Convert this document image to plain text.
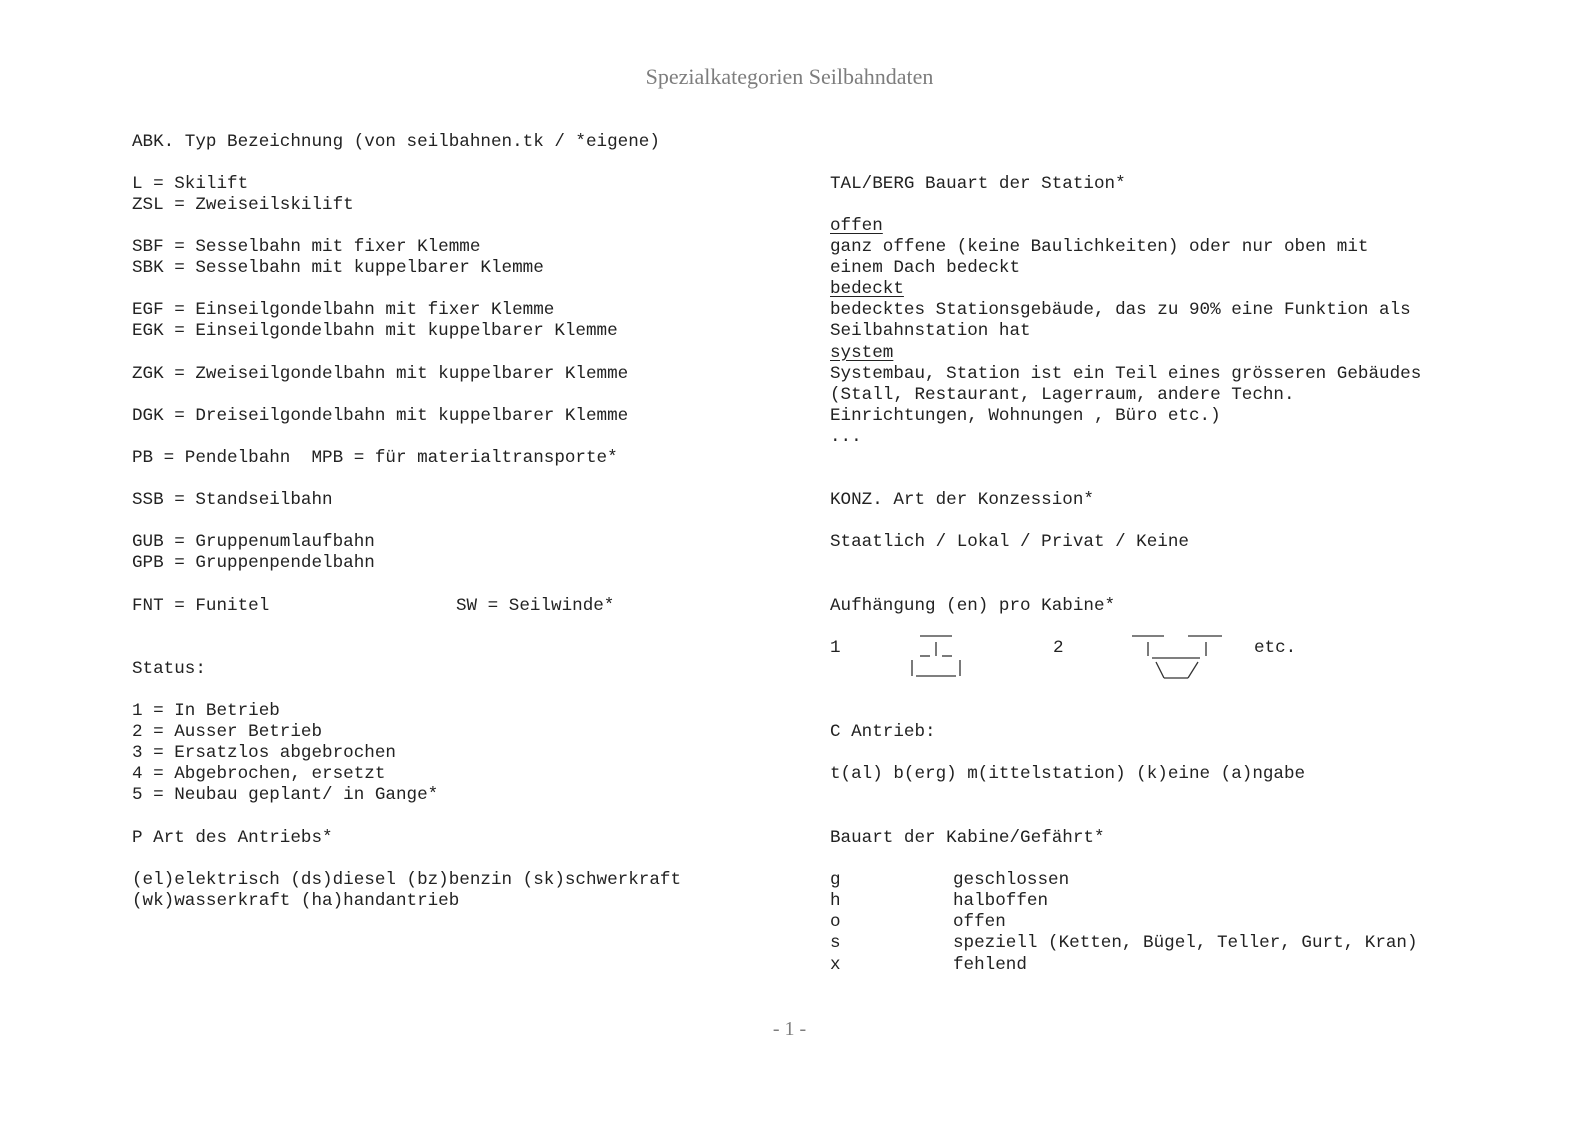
Spezialkategorien Seilbahndaten
ABK. Typ Bezeichnung (von seilbahnen.tk / *eigene)
L = Skilift
ZSL = Zweiseilskilift
SBF = Sesselbahn mit fixer Klemme
SBK = Sesselbahn mit kuppelbarer Klemme
EGF = Einseilgondelbahn mit fixer Klemme
EGK = Einseilgondelbahn mit kuppelbarer Klemme
ZGK = Zweiseilgondelbahn mit kuppelbarer Klemme
DGK = Dreiseilgondelbahn mit kuppelbarer Klemme
PB = Pendelbahn  MPB = für materialtransporte*
SSB = Standseilbahn
GUB = Gruppenumlaufbahn
GPB = Gruppenpendelbahn
FNT = Funitel	SW = Seilwinde*
Status:
1 = In Betrieb
2 = Ausser Betrieb
3 = Ersatzlos abgebrochen
4 = Abgebrochen, ersetzt
5 = Neubau geplant/ in Gange*
P Art des Antriebs*
(el)elektrisch (ds)diesel (bz)benzin (sk)schwerkraft
(wk)wasserkraft (ha)handantrieb
TAL/BERG Bauart der Station*
offen
ganz offene (keine Baulichkeiten) oder nur oben mit
einem Dach bedeckt
bedeckt
bedecktes Stationsgebäude, das zu 90% eine Funktion als
Seilbahnstation hat
system
Systembau, Station ist ein Teil eines grösseren Gebäudes
(Stall, Restaurant, Lagerraum, andere Techn.
Einrichtungen, Wohnungen , Büro etc.)
...
KONZ. Art der Konzession*
Staatlich / Lokal / Privat / Keine
Aufhängung (en) pro Kabine*
1	2	etc.
C Antrieb:
t(al) b(erg) m(ittelstation) (k)eine (a)ngabe
Bauart der Kabine/Gefährt*
g	geschlossen
h	halboffen
o	offen
s	speziell (Ketten, Bügel, Teller, Gurt, Kran)
x	fehlend
- 1 -
